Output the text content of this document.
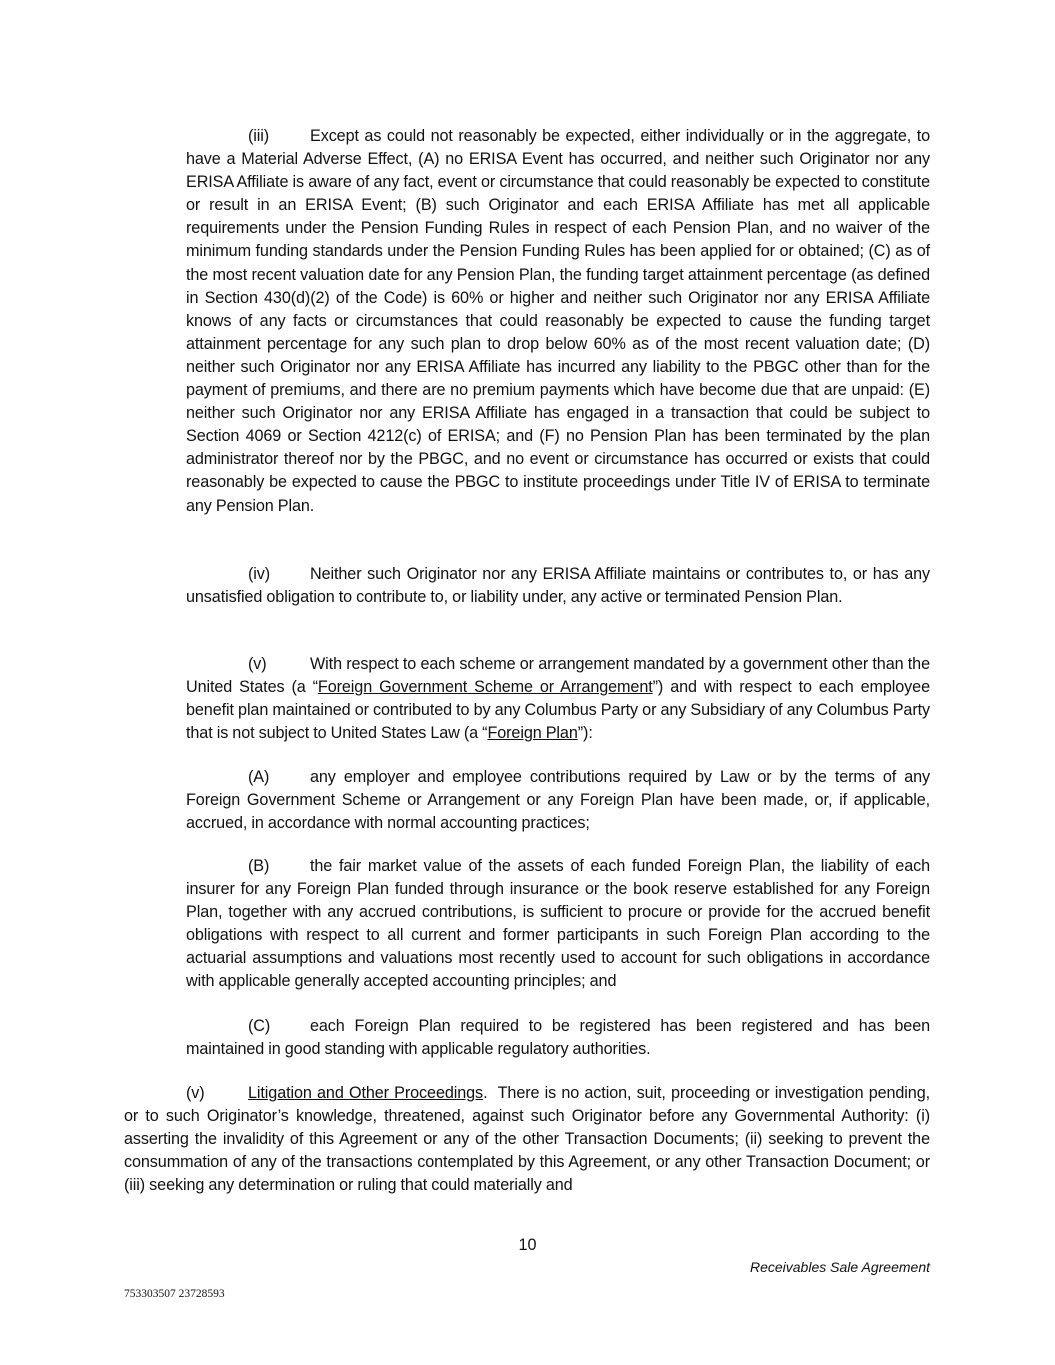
(iii)	Except as could not reasonably be expected, either individually or in the aggregate, to have a Material Adverse Effect, (A) no ERISA Event has occurred, and neither such Originator nor any ERISA Affiliate is aware of any fact, event or circumstance that could reasonably be expected to constitute or result in an ERISA Event; (B) such Originator and each ERISA Affiliate has met all applicable requirements under the Pension Funding Rules in respect of each Pension Plan, and no waiver of the minimum funding standards under the Pension Funding Rules has been applied for or obtained; (C) as of the most recent valuation date for any Pension Plan, the funding target attainment percentage (as defined in Section 430(d)(2) of the Code) is 60% or higher and neither such Originator nor any ERISA Affiliate knows of any facts or circumstances that could reasonably be expected to cause the funding target attainment percentage for any such plan to drop below 60% as of the most recent valuation date; (D) neither such Originator nor any ERISA Affiliate has incurred any liability to the PBGC other than for the payment of premiums, and there are no premium payments which have become due that are unpaid: (E) neither such Originator nor any ERISA Affiliate has engaged in a transaction that could be subject to Section 4069 or Section 4212(c) of ERISA; and (F) no Pension Plan has been terminated by the plan administrator thereof nor by the PBGC, and no event or circumstance has occurred or exists that could reasonably be expected to cause the PBGC to institute proceedings under Title IV of ERISA to terminate any Pension Plan.

(iv) Neither such Originator nor any ERISA Affiliate maintains or contributes to, or has any unsatisfied obligation to contribute to, or liability under, any active or terminated Pension Plan.

(v)	With respect to each scheme or arrangement mandated by a government other than the United States (a “Foreign Government Scheme or Arrangement”) and with respect to each employee benefit plan maintained or contributed to by any Columbus Party or any Subsidiary of any Columbus Party that is not subject to United States Law (a “Foreign Plan”):

(A)	any employer and employee contributions required by Law or by the terms of any Foreign Government Scheme or Arrangement or any Foreign Plan have been made, or, if applicable, accrued, in accordance with normal accounting practices;

(B)	the fair market value of the assets of each funded Foreign Plan, the liability of each insurer for any Foreign Plan funded through insurance or the book reserve established for any Foreign Plan, together with any accrued contributions, is sufficient to procure or provide for the accrued benefit obligations with respect to all current and former participants in such Foreign Plan according to the actuarial assumptions and valuations most recently used to account for such obligations in accordance with applicable generally accepted accounting principles; and

(C) each Foreign Plan required to be registered has been registered and has been maintained in good standing with applicable regulatory authorities.

(v)	Litigation and Other Proceedings. There is no action, suit, proceeding or investigation pending, or to such Originator’s knowledge, threatened, against such Originator before any Governmental Authority: (i) asserting the invalidity of this Agreement or any of the other Transaction Documents; (ii) seeking to prevent the consummation of any of the transactions contemplated by this Agreement, or any other Transaction Document; or (iii) seeking any determination or ruling that could materially and

10
Receivables Sale Agreement
753303507 23728593
